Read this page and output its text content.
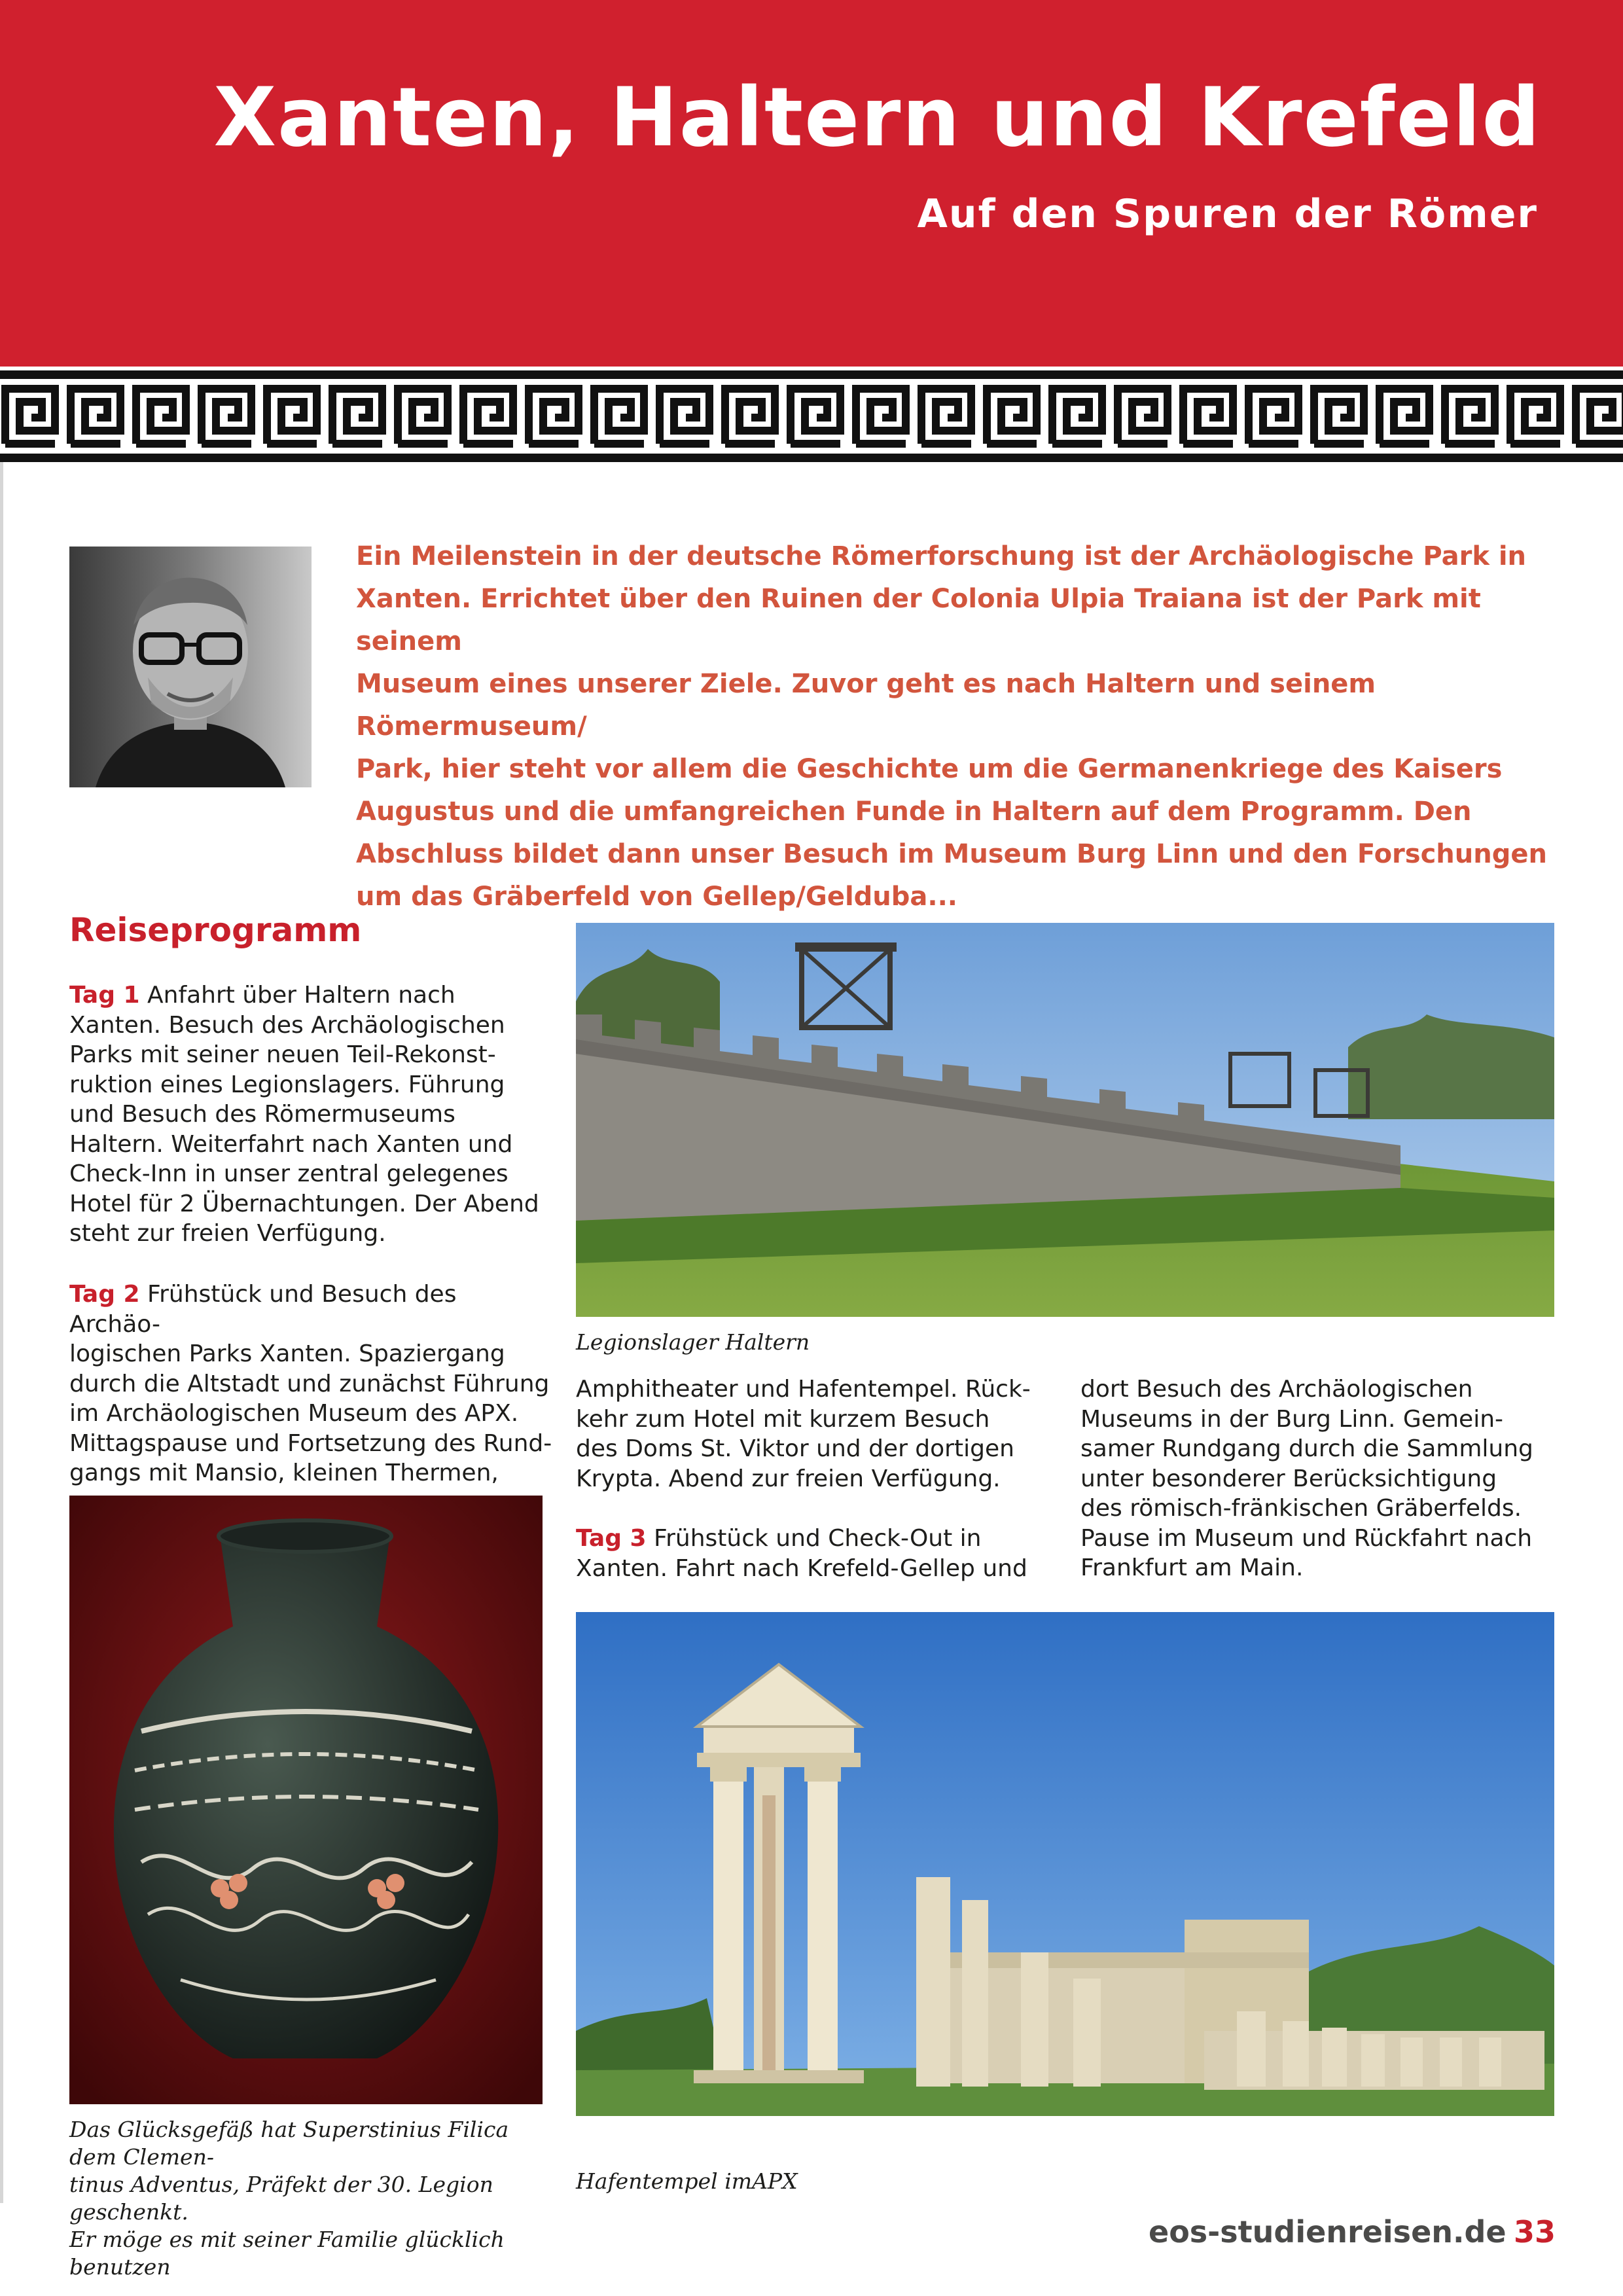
Xanten, Haltern und Krefeld
Auf den Spuren der Römer
Ein Meilenstein in der deutsche Römerforschung ist der Archäologische Park in
Xanten. Errichtet über den Ruinen der Colonia Ulpia Traiana ist der Park mit seinem
Museum eines unserer Ziele. Zuvor geht es nach Haltern und seinem Römermuseum/
Park, hier steht vor allem die Geschichte um die Germanenkriege des Kaisers
Augustus und die umfangreichen Funde in Haltern auf dem Programm. Den
Abschluss bildet dann unser Besuch im Museum Burg Linn und den Forschungen
um das Gräberfeld von Gellep/Gelduba...
Reiseprogramm
Tag 1 Anfahrt über Haltern nach
Xanten. Besuch des Archäologischen
Parks mit seiner neuen Teil-Rekonst-
ruktion eines Legionslagers. Führung
und Besuch des Römermuseums
Haltern. Weiterfahrt nach Xanten und
Check-Inn in unser zentral gelegenes
Hotel für 2 Übernachtungen. Der Abend
steht zur freien Verfügung.
Tag 2 Frühstück und Besuch des Archäo-
logischen Parks Xanten. Spaziergang
durch die Altstadt und zunächst Führung
im Archäologischen Museum des APX.
Mittagspause und Fortsetzung des Rund-
gangs mit Mansio, kleinen Thermen,
Legionslager Haltern
Amphitheater und Hafentempel. Rück-
kehr zum Hotel mit kurzem Besuch
des Doms St. Viktor und der dortigen
Krypta. Abend zur freien Verfügung.
Tag 3 Frühstück und Check-Out in
Xanten. Fahrt nach Krefeld-Gellep und
dort Besuch des Archäologischen
Museums in der Burg Linn. Gemein-
samer Rundgang durch die Sammlung
unter besonderer Berücksichtigung
des römisch-fränkischen Gräberfelds.
Pause im Museum und Rückfahrt nach
Frankfurt am Main.
Das Glücksgefäß hat Superstinius Filica dem Clemen-
tinus Adventus, Präfekt der 30. Legion geschenkt.
Er möge es mit seiner Familie glücklich benutzen
Hafentempel imAPX
eos-studienreisen.de 33
